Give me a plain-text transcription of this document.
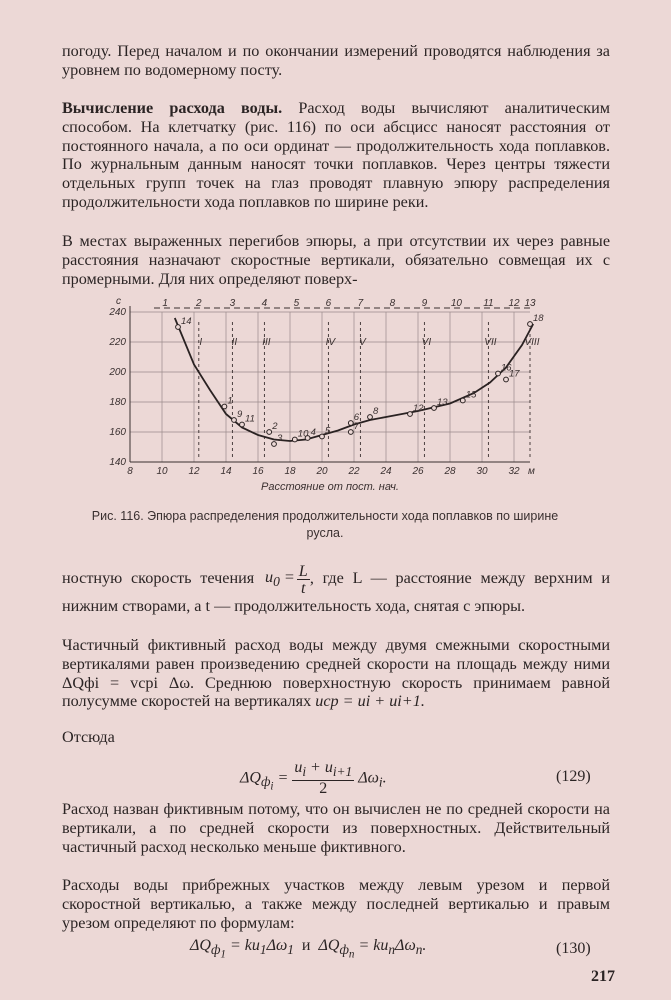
погоду. Перед началом и по окончании измерений проводятся наблюдения за уровнем по водомерному посту.

Вычисление расхода воды. Расход воды вычисляют аналитическим способом. На клетчатку (рис. 116) по оси абсцисс наносят расстояния от постоянного начала, а по оси ординат — продолжительность хода поплавков. По журнальным данным наносят точки поплавков. Через центры тяжести отдельных групп точек на глаз проводят плавную эпюру распределения продолжительности хода поплавков по ширине реки.

В местах выраженных перегибов эпюры, а при отсутствии их через равные расстояния назначают скоростные вертикали, обязательно совмещая их с промерными. Для них определяют поверх-

140
160
180
200
220
240
8 10 12 14 16 18 20 22 24 26 28 30 32 м
с	1	2	3	4	5	6	7	8	9 10 11 12 13
I	II	III	IV V	VI	VII	VIII
1
2
3
4 5
6
7
8
9
10
11
12
13
14
15
16
17
18
Расстояние от пост. нач.
Рис. 116. Эпюра распределения продолжительности хода поплавков по ширине русла.

ностную скорость течения $u_0 = \frac{L}{t}$ , где L — расстояние между верхним и нижним створами, а t — продолжительность хода, снятая с эпюры.

Частичный фиктивный расход воды между двумя смежными скоростными вертикалями равен произведению средней скорости на площадь между ними ΔQфi = vсрi Δω. Среднюю поверхностную скорость принимаем равной полусумме скоростей на вертикалях uср = ui + ui+1.

Отсюда

$\Delta Q_{ф_i} = \frac{u_i + u_{i+1}}{2} \Delta\omega_i$.	(129)

Расход назван фиктивным потому, что он вычислен не по средней скорости на вертикали, а по средней скорости из поверхностных. Действительный частичный расход несколько меньше фиктивного.

Расходы воды прибрежных участков между левым урезом и первой скоростной вертикалью, а также между последней вертикалью и правым урезом определяют по формулам:

$\Delta Q_{ф_1} = ku_1\Delta\omega_1$  и  $\Delta Q_{ф_n} = ku_n\Delta\omega_n$.	(130)
217
